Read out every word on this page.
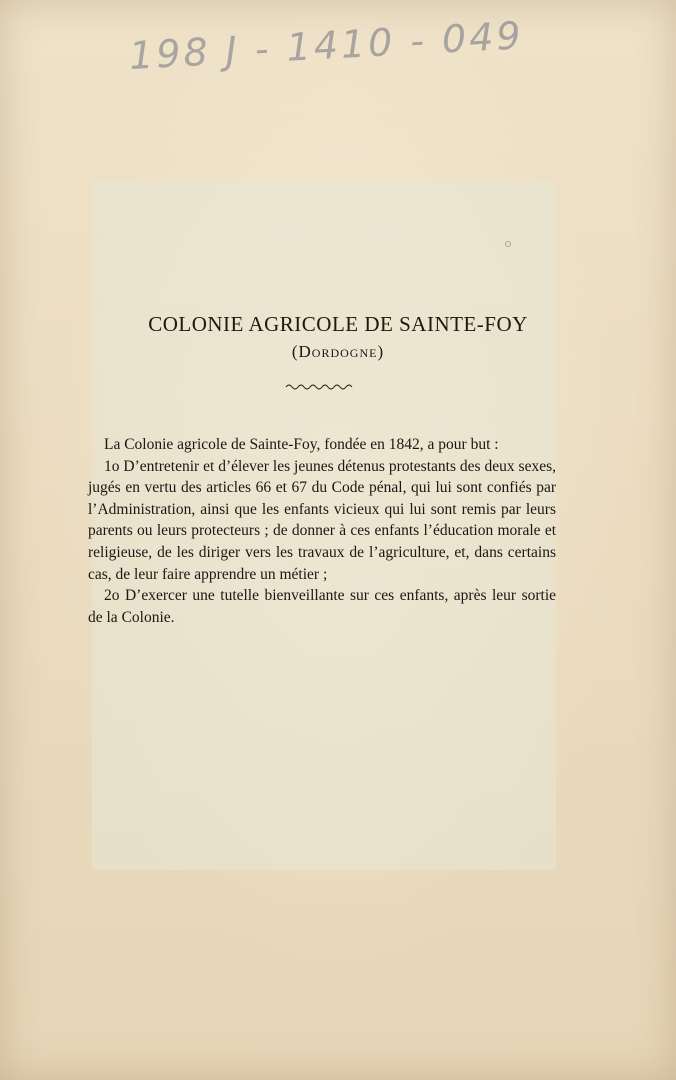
198 J - 1410 - 049
COLONIE AGRICOLE DE SAINTE-FOY
(Dordogne)

La Colonie agricole de Sainte-Foy, fondée en 1842, a pour but :

1o D’entretenir et d’élever les jeunes détenus protestants des deux sexes, jugés en vertu des articles 66 et 67 du Code pénal, qui lui sont confiés par l’Administration, ainsi que les enfants vicieux qui lui sont remis par leurs parents ou leurs protecteurs ; de donner à ces enfants l’éducation morale et religieuse, de les diriger vers les travaux de l’agriculture, et, dans certains cas, de leur faire apprendre un métier ;

2o D’exercer une tutelle bienveillante sur ces enfants, après leur sortie de la Colonie.
